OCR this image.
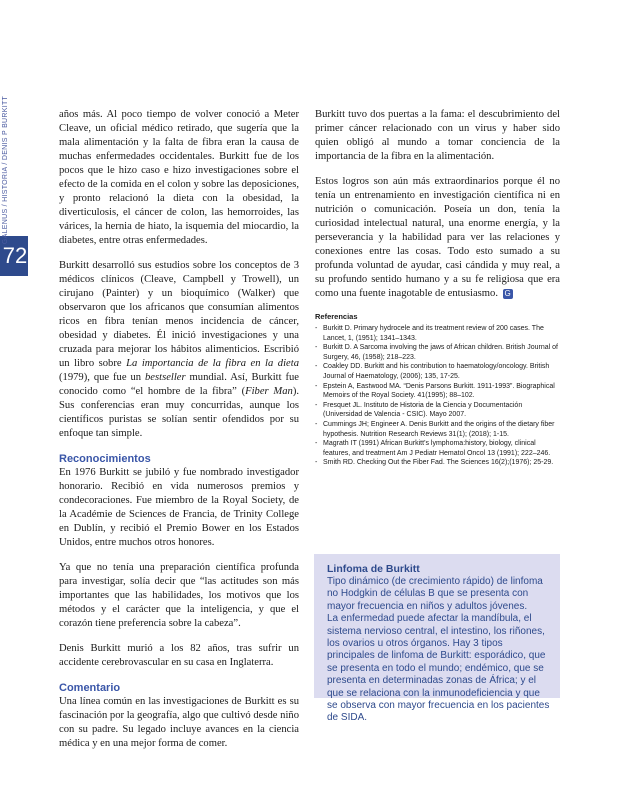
72
GALENUS / HISTORIA / DENIS P BURKITT	años más. Al poco tiempo de volver conoció a Meter Cleave, un oficial médico retirado, que sugería que la mala alimentación y la falta de fibra eran la causa de muchas enfermedades occidentales. Burkitt fue de los pocos que le hizo caso e hizo investigaciones sobre el efecto de la comida en el colon y sobre las deposiciones, y pronto relacionó la dieta con la obesidad, la diverticulosis, el cáncer de colon, las hemorroides, las várices, la hernia de hiato, la isquemia del miocardio, la diabetes, entre otras enfermedades.

Burkitt desarrolló sus estudios sobre los conceptos de 3 médicos clínicos (Cleave, Campbell y Trowell), un cirujano (Painter) y un bioquímico (Walker) que observaron que los africanos que consumían alimentos ricos en fibra tenían menos incidencia de cáncer, obesidad y diabetes. Él inició investigaciones y una cruzada para mejorar los hábitos alimenticios. Escribió un libro sobre La importancia de la fibra en la dieta (1979), que fue un bestseller mundial. Así, Burkitt fue conocido como “el hombre de la fibra” (Fiber Man). Sus conferencias eran muy concurridas, aunque los científicos puristas se solían sentir ofendidos por su enfoque tan simple.

Reconocimientos

En 1976 Burkitt se jubiló y fue nombrado investigador honorario. Recibió en vida numerosos premios y condecoraciones. Fue miembro de la Royal Society, de la Académie de Sciences de Francia, de Trinity College en Dublín, y recibió el Premio Bower en los Estados Unidos, entre muchos otros honores.

Ya que no tenía una preparación científica profunda para investigar, solía decir que “las actitudes son más importantes que las habilidades, los motivos que los métodos y el carácter que la inteligencia, y que el corazón tiene preferencia sobre la cabeza”.

Denis Burkitt murió a los 82 años, tras sufrir un accidente cerebrovascular en su casa en Inglaterra.

Comentario

Una línea común en las investigaciones de Burkitt es su fascinación por la geografía, algo que cultivó desde niño con su padre. Su legado incluye avances en la ciencia médica y en una mejor forma de comer.

Burkitt tuvo dos puertas a la fama: el descubrimiento del primer cáncer relacionado con un virus y haber sido quien obligó al mundo a tomar conciencia de la importancia de la fibra en la alimentación.

Estos logros son aún más extraordinarios porque él no tenía un entrenamiento en investigación científica ni en nutrición o comunicación. Poseía un don, tenía la curiosidad intelectual natural, una enorme energía, y la perseverancia y la habilidad para ver las relaciones y conexiones entre las cosas. Todo esto sumado a su profunda voluntad de ayudar, casi cándida y muy real, a su profundo sentido humano y a su fe religiosa que era como una fuente inagotable de entusiasmo. G

Referencias
- Burkitt D. Primary hydrocele and its treatment review of 200 cases. The Lancet, 1, (1951); 1341–1343.
- Burkitt D. A Sarcoma involving the jaws of African children. British Journal of Surgery, 46, (1958); 218–223.
- Coakley DD. Burkitt and his contribution to haematology/oncology. British Journal of Haematology, (2006); 135, 17-25.
- Epstein A, Eastwood MA. “Denis Parsons Burkitt. 1911-1993”. Biographical Memoirs of the Royal Society. 41(1995); 88–102.
- Fresquet JL. Instituto de Historia de la Ciencia y Documentación (Universidad de Valencia - CSIC). Mayo 2007.
- Cummings JH; Engineer A. Denis Burkitt and the origins of the dietary fiber hypothesis. Nutrition Research Reviews 31(1); (2018); 1-15.
- Magrath IT (1991) African Burkitt’s lymphoma:history, biology, clinical features, and treatment Am J Pediatr Hematol Oncol 13 (1991); 222–246.
- Smith RD. Checking Out the Fiber Fad. The Sciences 16(2);(1976); 25-29.
Linfoma de Burkitt

Tipo dinámico (de crecimiento rápido) de linfoma no Hodgkin de células B que se presenta con mayor frecuencia en niños y adultos jóvenes.

La enfermedad puede afectar la mandíbula, el sistema nervioso central, el intestino, los riñones, los ovarios u otros órganos. Hay 3 tipos principales de linfoma de Burkitt: esporádico, que se presenta en todo el mundo; endémico, que se presenta en determinadas zonas de África; y el que se relaciona con la inmunodeficiencia y que se observa con mayor frecuencia en los pacientes de SIDA.
